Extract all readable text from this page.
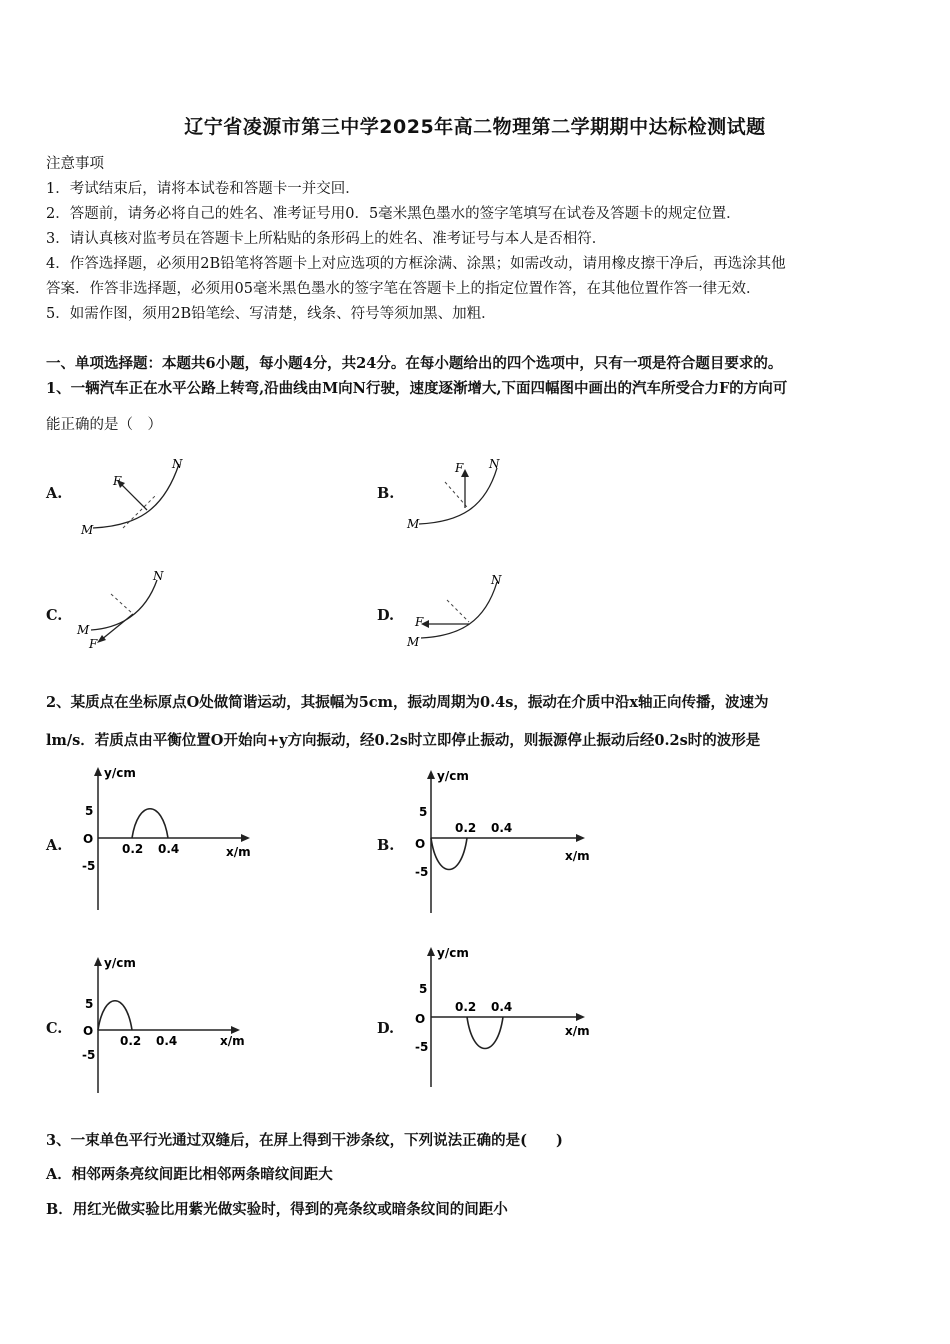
辽宁省凌源市第三中学2025年高二物理第二学期期中达标检测试题
注意事项
1．考试结束后，请将本试卷和答题卡一并交回．
2．答题前，请务必将自己的姓名、准考证号用0．5毫米黑色墨水的签字笔填写在试卷及答题卡的规定位置．
3．请认真核对监考员在答题卡上所粘贴的条形码上的姓名、准考证号与本人是否相符．
4．作答选择题，必须用2B铅笔将答题卡上对应选项的方框涂满、涂黑；如需改动，请用橡皮擦干净后，再选涂其他
答案．作答非选择题，必须用05毫米黑色墨水的签字笔在答题卡上的指定位置作答，在其他位置作答一律无效．
5．如需作图，须用2B铅笔绘、写清楚，线条、符号等须加黑、加粗．
一、单项选择题：本题共6小题，每小题4分，共24分。在每小题给出的四个选项中，只有一项是符合题目要求的。
1、一辆汽车正在水平公路上转弯,沿曲线由M向N行驶，速度逐渐增大,下面四幅图中画出的汽车所受合力F的方向可
能正确的是（　）
A.	B.
C.	D.
F
M
N	F
M
N
M
F
N
F
M
N
2、某质点在坐标原点O处做简谐运动，其振幅为5cm，振动周期为0.4s，振动在介质中沿x轴正向传播，波速为
lm/s．若质点由平衡位置O开始向+y方向振动，经0.2s时立即停止振动，则振源停止振动后经0.2s时的波形是
A.	B.
C.	D.
y/cm
x/m
O
5
-5
0.2 0.4
y/cm
x/m
O
5
-5
0.2 0.4
y/cm
x/m
O
5
-5
0.2 0.4
y/cm
x/m
O
5
-5
0.2 0.4
3、一束单色平行光通过双缝后，在屏上得到干涉条纹，下列说法正确的是(　　)
A．相邻两条亮纹间距比相邻两条暗纹间距大
B．用红光做实验比用紫光做实验时，得到的亮条纹或暗条纹间的间距小
